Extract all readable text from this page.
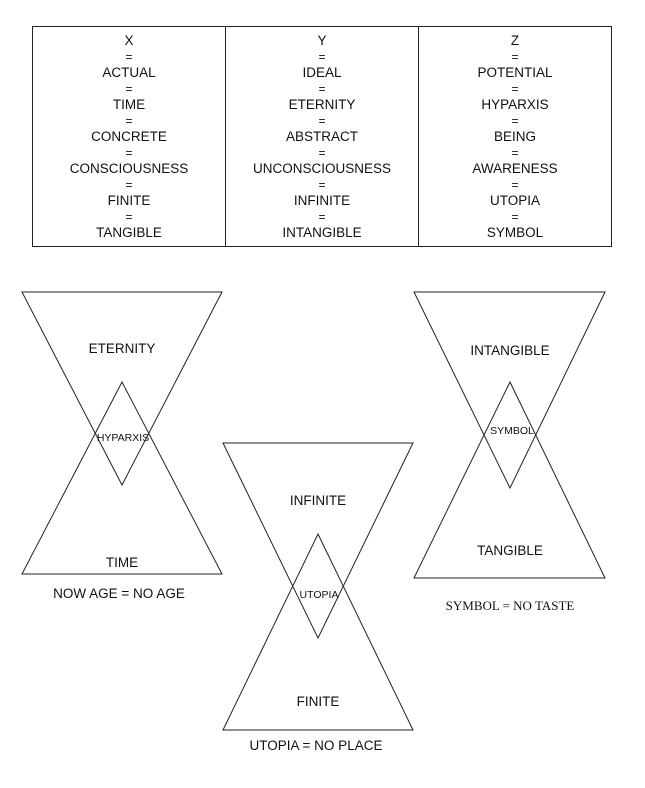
X
=
ACTUAL
=
TIME
=
CONCRETE
=
CONSCIOUSNESS
=
FINITE
=
TANGIBLE
Y
=
IDEAL
=
ETERNITY
=
ABSTRACT
=
UNCONSCIOUSNESS
=
INFINITE
=
INTANGIBLE
Z
=
POTENTIAL
=
HYPARXIS
=
BEING
=
AWARENESS
=
UTOPIA
=
SYMBOL
ETERNITY
HYPARXIS
TIME
NOW AGE = NO AGE
INFINITE
UTOPIA
FINITE
UTOPIA = NO PLACE
INTANGIBLE
SYMBOL
TANGIBLE
SYMBOL = NO TASTE
